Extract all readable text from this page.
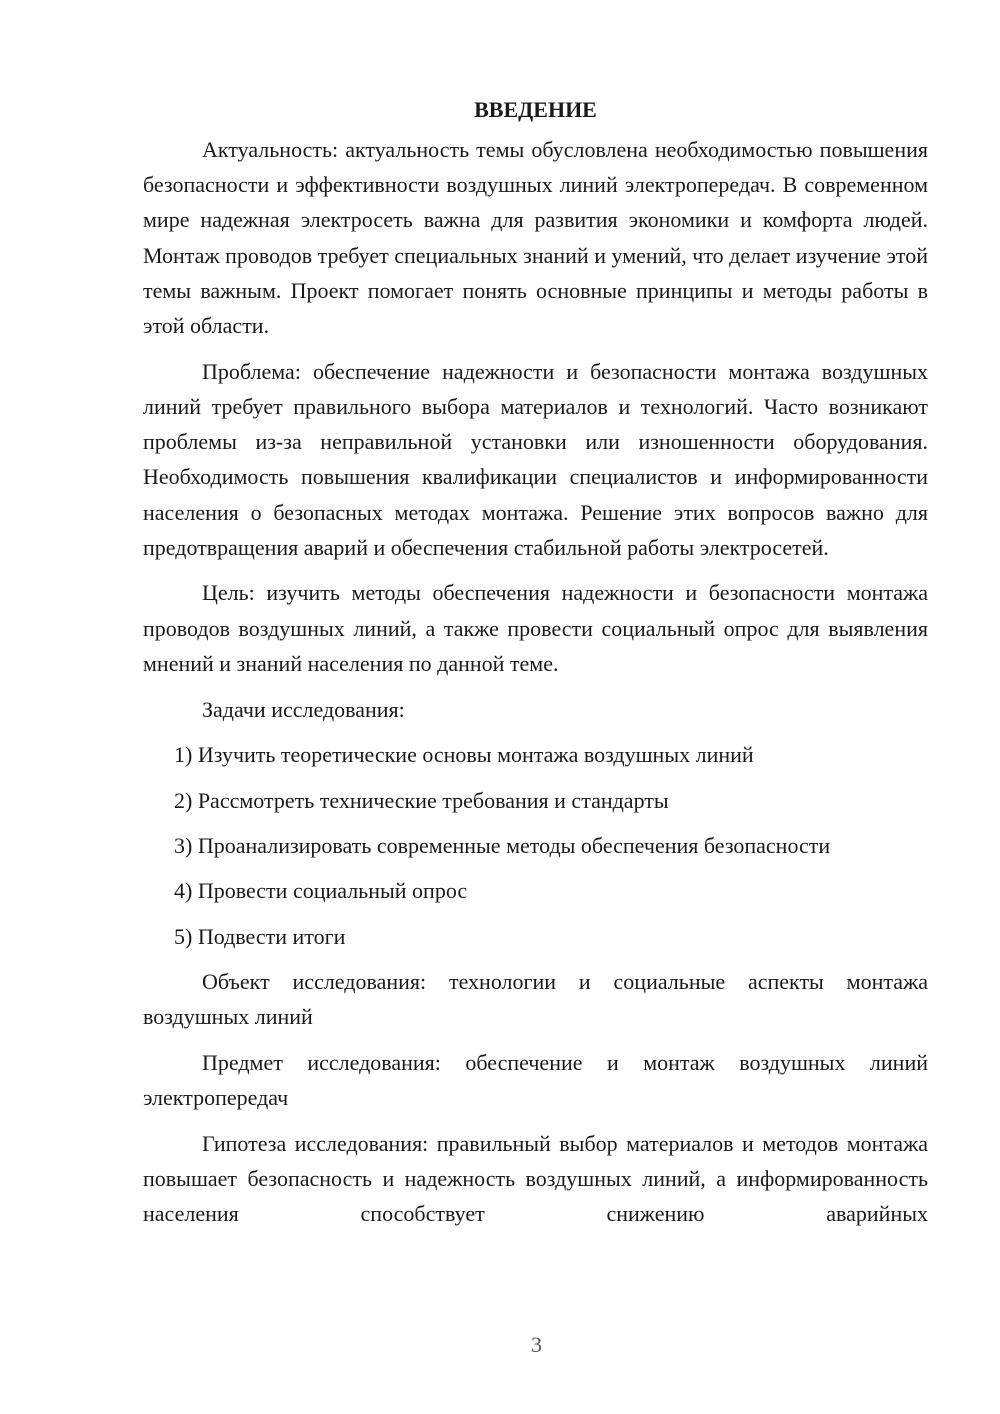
ВВЕДЕНИЕ

Актуальность: актуальность темы обусловлена необходимостью повышения безопасности и эффективности воздушных линий электропередач. В современном мире надежная электросеть важна для развития экономики и комфорта людей. Монтаж проводов требует специальных знаний и умений, что делает изучение этой темы важным. Проект помогает понять основные принципы и методы работы в этой области.

Проблема: обеспечение надежности и безопасности монтажа воздушных линий требует правильного выбора материалов и технологий. Часто возникают проблемы из-за неправильной установки или изношенности оборудования. Необходимость повышения квалификации специалистов и информированности населения о безопасных методах монтажа. Решение этих вопросов важно для предотвращения аварий и обеспечения стабильной работы электросетей.

Цель: изучить методы обеспечения надежности и безопасности монтажа проводов воздушных линий, а также провести социальный опрос для выявления мнений и знаний населения по данной теме.

Задачи исследования:

1) Изучить теоретические основы монтажа воздушных линий
2) Рассмотреть технические требования и стандарты
3) Проанализировать современные методы обеспечения безопасности
4) Провести социальный опрос
5) Подвести итоги

Объект исследования: технологии и социальные аспекты монтажа воздушных линий

Предмет исследования: обеспечение и монтаж воздушных линий электропередач

Гипотеза исследования: правильный выбор материалов и методов монтажа повышает безопасность и надежность воздушных линий, а информированность населения способствует снижению аварийных

3
